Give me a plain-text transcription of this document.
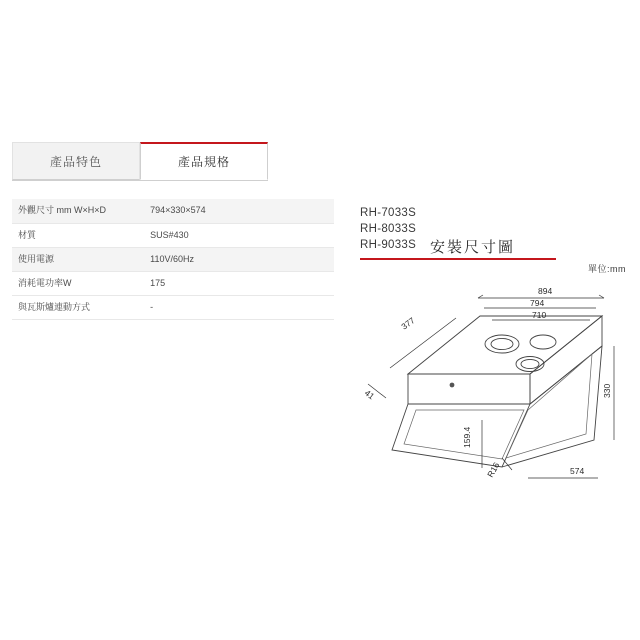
產品特色	產品規格
外觀尺寸 mm W×H×D	794×330×574
材質	SUS#430
使用電源	110V/60Hz
消耗電功率W	175
與瓦斯爐連動方式	-
RH-7033S
RH-8033S
RH-9033S 安裝尺寸圖
單位:mm
894
794
710
377
41	330
159.4
R16	574
